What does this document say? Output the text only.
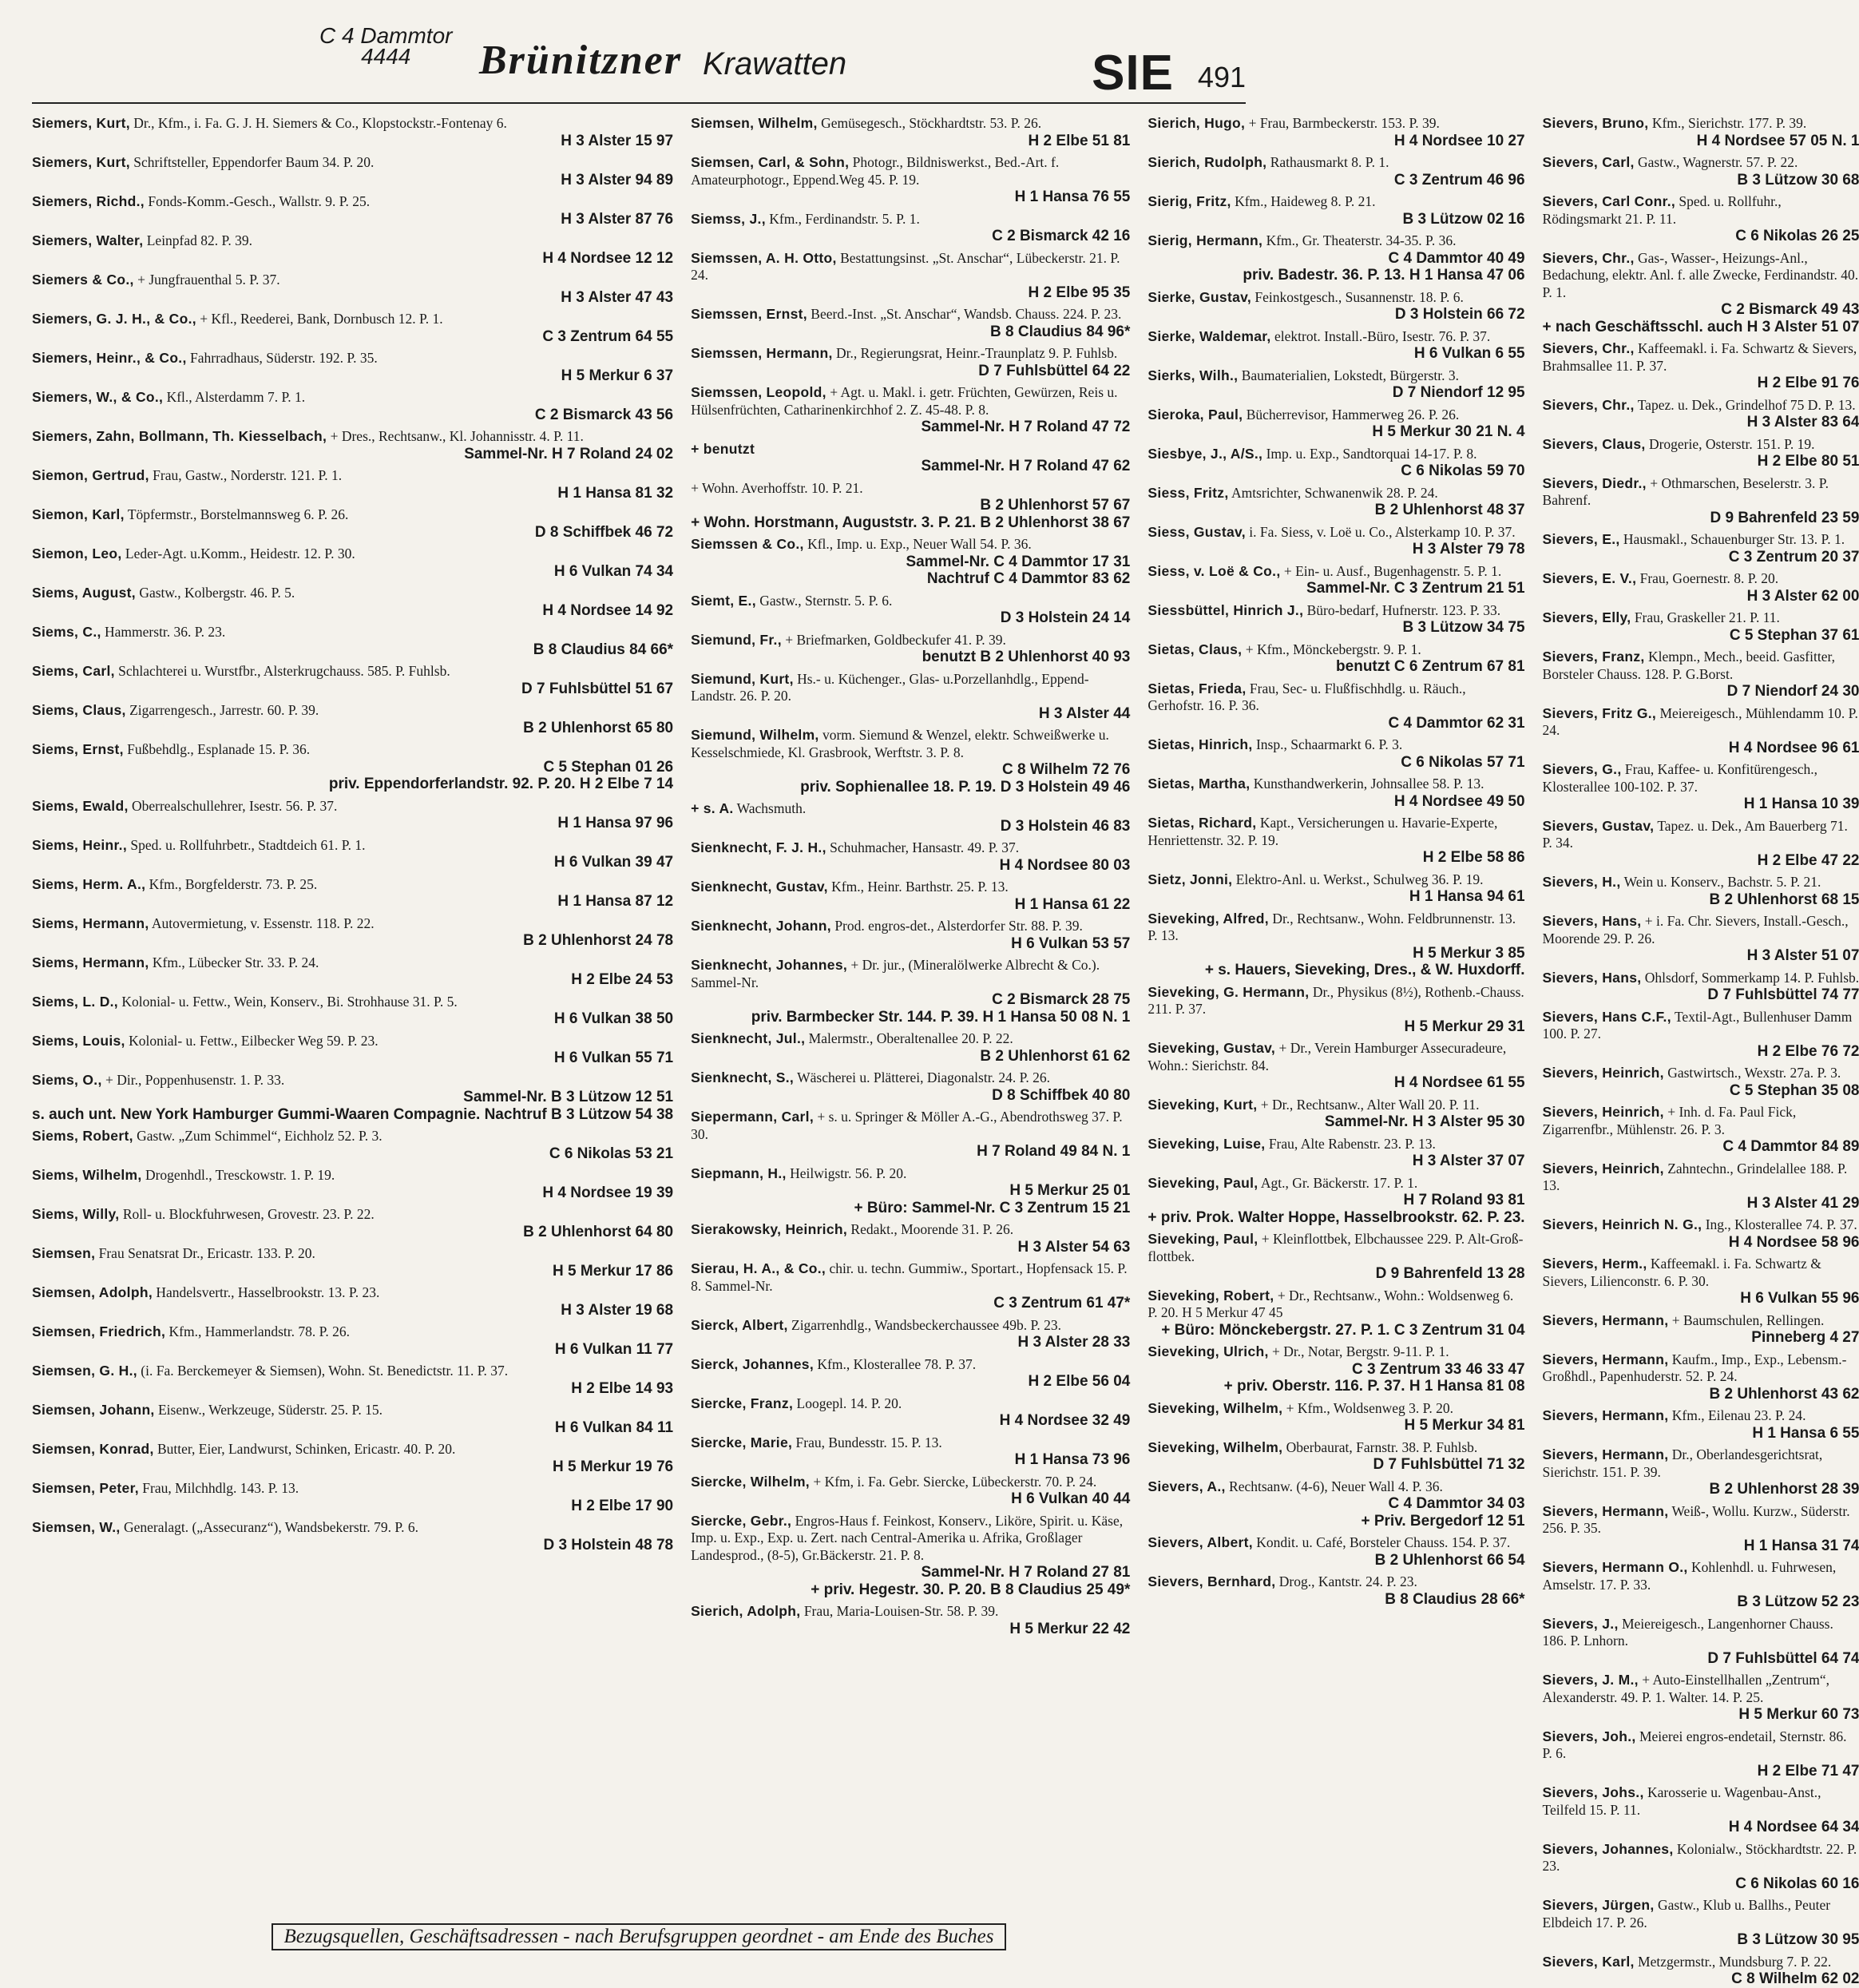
C 4 Dammtor
4444	Brünitzner Krawatten	SIE 491
Siemers, Kurt, Dr., Kfm., i. Fa. G. J. H. Siemers & Co., Klopstockstr.-Fontenay 6.
H 3 Alster 15 97
Siemers, Kurt, Schriftsteller, Eppendorfer Baum 34. P. 20.
H 3 Alster 94 89
Siemers, Richd., Fonds-Komm.-Gesch., Wallstr. 9. P. 25.
H 3 Alster 87 76
Siemers, Walter, Leinpfad 82. P. 39.
H 4 Nordsee 12 12
Siemers & Co., + Jungfrauenthal 5. P. 37.
H 3 Alster 47 43
Siemers, G. J. H., & Co., + Kfl., Reederei, Bank, Dornbusch 12. P. 1.
C 3 Zentrum 64 55
Siemers, Heinr., & Co., Fahrradhaus, Süderstr. 192. P. 35.
H 5 Merkur 6 37
Siemers, W., & Co., Kfl., Alsterdamm 7. P. 1.
C 2 Bismarck 43 56
Siemers, Zahn, Bollmann, Th. Kiesselbach, + Dres., Rechtsanw., Kl. Johannisstr. 4. P. 11.
Sammel-Nr. H 7 Roland 24 02
Siemon, Gertrud, Frau, Gastw., Norderstr. 121. P. 1.
H 1 Hansa 81 32
Siemon, Karl, Töpfermstr., Borstelmannsweg 6. P. 26.
D 8 Schiffbek 46 72
Siemon, Leo, Leder-Agt. u.Komm., Heidestr. 12. P. 30.
H 6 Vulkan 74 34
Siems, August, Gastw., Kolbergstr. 46. P. 5.
H 4 Nordsee 14 92
Siems, C., Hammerstr. 36. P. 23.
B 8 Claudius 84 66*
Siems, Carl, Schlachterei u. Wurstfbr., Alsterkrugchauss. 585. P. Fuhlsb.
D 7 Fuhlsbüttel 51 67
Siems, Claus, Zigarrengesch., Jarrestr. 60. P. 39.
B 2 Uhlenhorst 65 80
Siems, Ernst, Fußbehdlg., Esplanade 15. P. 36.
C 5 Stephan 01 26
priv. Eppendorferlandstr. 92. P. 20. H 2 Elbe 7 14
Siems, Ewald, Oberrealschullehrer, Isestr. 56. P. 37.
H 1 Hansa 97 96
Siems, Heinr., Sped. u. Rollfuhrbetr., Stadtdeich 61. P. 1.
H 6 Vulkan 39 47
Siems, Herm. A., Kfm., Borgfelderstr. 73. P. 25.
H 1 Hansa 87 12
Siems, Hermann, Autovermietung, v. Essenstr. 118. P. 22.
B 2 Uhlenhorst 24 78
Siems, Hermann, Kfm., Lübecker Str. 33. P. 24.
H 2 Elbe 24 53
Siems, L. D., Kolonial- u. Fettw., Wein, Konserv., Bi. Strohhause 31. P. 5.
H 6 Vulkan 38 50
Siems, Louis, Kolonial- u. Fettw., Eilbecker Weg 59. P. 23.
H 6 Vulkan 55 71
Siems, O., + Dir., Poppenhusenstr. 1. P. 33.
Sammel-Nr. B 3 Lützow 12 51
s. auch unt. New York Hamburger Gummi-Waaren Compagnie. Nachtruf B 3 Lützow 54 38
Siems, Robert, Gastw. „Zum Schimmel“, Eichholz 52. P. 3.
C 6 Nikolas 53 21
Siems, Wilhelm, Drogenhdl., Tresckowstr. 1. P. 19.
H 4 Nordsee 19 39
Siems, Willy, Roll- u. Blockfuhrwesen, Grovestr. 23. P. 22.
B 2 Uhlenhorst 64 80
Siemsen, Frau Senatsrat Dr., Ericastr. 133. P. 20.
H 5 Merkur 17 86
Siemsen, Adolph, Handelsvertr., Hasselbrookstr. 13. P. 23.
H 3 Alster 19 68
Siemsen, Friedrich, Kfm., Hammerlandstr. 78. P. 26.
H 6 Vulkan 11 77
Siemsen, G. H., (i. Fa. Berckemeyer & Siemsen), Wohn. St. Benedictstr. 11. P. 37.
H 2 Elbe 14 93
Siemsen, Johann, Eisenw., Werkzeuge, Süderstr. 25. P. 15.
H 6 Vulkan 84 11
Siemsen, Konrad, Butter, Eier, Landwurst, Schinken, Ericastr. 40. P. 20.
H 5 Merkur 19 76
Siemsen, Peter, Frau, Milchhdlg. 143. P. 13.
H 2 Elbe 17 90
Siemsen, W., Generalagt. („Assecuranz“), Wandsbekerstr. 79. P. 6.
D 3 Holstein 48 78
Siemsen, Wilhelm, Gemüsegesch., Stöckhardtstr. 53. P. 26.
H 2 Elbe 51 81
Siemsen, Carl, & Sohn, Photogr., Bildniswerkst., Bed.-Art. f. Amateurphotogr., Eppend.Weg 45. P. 19.
H 1 Hansa 76 55
Siemss, J., Kfm., Ferdinandstr. 5. P. 1.
C 2 Bismarck 42 16
Siemssen, A. H. Otto, Bestattungsinst. „St. Anschar“, Lübeckerstr. 21. P. 24.
H 2 Elbe 95 35
Siemssen, Ernst, Beerd.-Inst. „St. Anschar“, Wandsb. Chauss. 224. P. 23.
B 8 Claudius 84 96*
Siemssen, Hermann, Dr., Regierungsrat, Heinr.-Traunplatz 9. P. Fuhlsb.
D 7 Fuhlsbüttel 64 22
Siemssen, Leopold, + Agt. u. Makl. i. getr. Früchten, Gewürzen, Reis u. Hülsenfrüchten, Catharinenkirchhof 2. Z. 45-48. P. 8.
Sammel-Nr. H 7 Roland 47 72
+ benutzt
Sammel-Nr. H 7 Roland 47 62
+ Wohn. Averhoffstr. 10. P. 21.
B 2 Uhlenhorst 57 67
+ Wohn. Horstmann, Auguststr. 3. P. 21. B 2 Uhlenhorst 38 67
Siemssen & Co., Kfl., Imp. u. Exp., Neuer Wall 54. P. 36.
Sammel-Nr. C 4 Dammtor 17 31
Nachtruf C 4 Dammtor 83 62
Siemt, E., Gastw., Sternstr. 5. P. 6.
D 3 Holstein 24 14
Siemund, Fr., + Briefmarken, Goldbeckufer 41. P. 39.
benutzt B 2 Uhlenhorst 40 93
Siemund, Kurt, Hs.- u. Küchenger., Glas- u.Porzellanhdlg., Eppend-Landstr. 26. P. 20.
H 3 Alster 44
Siemund, Wilhelm, vorm. Siemund & Wenzel, elektr. Schweißwerke u. Kesselschmiede, Kl. Grasbrook, Werftstr. 3. P. 8.
C 8 Wilhelm 72 76
priv. Sophienallee 18. P. 19. D 3 Holstein 49 46
+ s. A. Wachsmuth.
D 3 Holstein 46 83
Sienknecht, F. J. H., Schuhmacher, Hansastr. 49. P. 37.
H 4 Nordsee 80 03
Sienknecht, Gustav, Kfm., Heinr. Barthstr. 25. P. 13.
H 1 Hansa 61 22
Sienknecht, Johann, Prod. engros-det., Alsterdorfer Str. 88. P. 39.
H 6 Vulkan 53 57
Sienknecht, Johannes, + Dr. jur., (Mineralölwerke Albrecht & Co.). Sammel-Nr.
C 2 Bismarck 28 75
priv. Barmbecker Str. 144. P. 39. H 1 Hansa 50 08 N. 1
Sienknecht, Jul., Malermstr., Oberaltenallee 20. P. 22.
B 2 Uhlenhorst 61 62
Sienknecht, S., Wäscherei u. Plätterei, Diagonalstr. 24. P. 26.
D 8 Schiffbek 40 80
Siepermann, Carl, + s. u. Springer & Möller A.-G., Abendrothsweg 37. P. 30.
H 7 Roland 49 84 N. 1
Siepmann, H., Heilwigstr. 56. P. 20.
H 5 Merkur 25 01
+ Büro: Sammel-Nr. C 3 Zentrum 15 21
Sierakowsky, Heinrich, Redakt., Moorende 31. P. 26.
H 3 Alster 54 63
Sierau, H. A., & Co., chir. u. techn. Gummiw., Sportart., Hopfensack 15. P. 8. Sammel-Nr.
C 3 Zentrum 61 47*
Sierck, Albert, Zigarrenhdlg., Wandsbeckerchaussee 49b. P. 23.
H 3 Alster 28 33
Sierck, Johannes, Kfm., Klosterallee 78. P. 37.
H 2 Elbe 56 04
Siercke, Franz, Loogepl. 14. P. 20.
H 4 Nordsee 32 49
Siercke, Marie, Frau, Bundesstr. 15. P. 13.
H 1 Hansa 73 96
Siercke, Wilhelm, + Kfm, i. Fa. Gebr. Siercke, Lübeckerstr. 70. P. 24.
H 6 Vulkan 40 44
Siercke, Gebr., Engros-Haus f. Feinkost, Konserv., Liköre, Spirit. u. Käse, Imp. u. Exp., Exp. u. Zert. nach Central-Amerika u. Afrika, Großlager Landesprod., (8-5), Gr.Bäckerstr. 21. P. 8.
Sammel-Nr. H 7 Roland 27 81
+ priv. Hegestr. 30. P. 20. B 8 Claudius 25 49*
Sierich, Adolph, Frau, Maria-Louisen-Str. 58. P. 39.
H 5 Merkur 22 42
Sierich, Hugo, + Frau, Barmbeckerstr. 153. P. 39.
H 4 Nordsee 10 27
Sierich, Rudolph, Rathausmarkt 8. P. 1.
C 3 Zentrum 46 96
Sierig, Fritz, Kfm., Haideweg 8. P. 21.
B 3 Lützow 02 16
Sierig, Hermann, Kfm., Gr. Theaterstr. 34-35. P. 36.
C 4 Dammtor 40 49
priv. Badestr. 36. P. 13. H 1 Hansa 47 06
Sierke, Gustav, Feinkostgesch., Susannenstr. 18. P. 6.
D 3 Holstein 66 72
Sierke, Waldemar, elektrot. Install.-Büro, Isestr. 76. P. 37.
H 6 Vulkan 6 55
Sierks, Wilh., Baumaterialien, Lokstedt, Bürgerstr. 3.
D 7 Niendorf 12 95
Sieroka, Paul, Bücherrevisor, Hammerweg 26. P. 26.
H 5 Merkur 30 21 N. 4
Siesbye, J., A/S., Imp. u. Exp., Sandtorquai 14-17. P. 8.
C 6 Nikolas 59 70
Siess, Fritz, Amtsrichter, Schwanenwik 28. P. 24.
B 2 Uhlenhorst 48 37
Siess, Gustav, i. Fa. Siess, v. Loë u. Co., Alsterkamp 10. P. 37.
H 3 Alster 79 78
Siess, v. Loë & Co., + Ein- u. Ausf., Bugenhagenstr. 5. P. 1.
Sammel-Nr. C 3 Zentrum 21 51
Siessbüttel, Hinrich J., Büro-bedarf, Hufnerstr. 123. P. 33.
B 3 Lützow 34 75
Sietas, Claus, + Kfm., Mönckebergstr. 9. P. 1.
benutzt C 6 Zentrum 67 81
Sietas, Frieda, Frau, Sec- u. Flußfischhdlg. u. Räuch., Gerhofstr. 16. P. 36.
C 4 Dammtor 62 31
Sietas, Hinrich, Insp., Schaarmarkt 6. P. 3.
C 6 Nikolas 57 71
Sietas, Martha, Kunsthandwerkerin, Johnsallee 58. P. 13.
H 4 Nordsee 49 50
Sietas, Richard, Kapt., Versicherungen u. Havarie-Experte, Henriettenstr. 32. P. 19.
H 2 Elbe 58 86
Sietz, Jonni, Elektro-Anl. u. Werkst., Schulweg 36. P. 19.
H 1 Hansa 94 61
Sieveking, Alfred, Dr., Rechtsanw., Wohn. Feldbrunnenstr. 13. P. 13.
H 5 Merkur 3 85
+ s. Hauers, Sieveking, Dres., & W. Huxdorff.
Sieveking, G. Hermann, Dr., Physikus (8½), Rothenb.-Chauss. 211. P. 37.
H 5 Merkur 29 31
Sieveking, Gustav, + Dr., Verein Hamburger Assecuradeure, Wohn.: Sierichstr. 84.
H 4 Nordsee 61 55
Sieveking, Kurt, + Dr., Rechtsanw., Alter Wall 20. P. 11.
Sammel-Nr. H 3 Alster 95 30
Sieveking, Luise, Frau, Alte Rabenstr. 23. P. 13.
H 3 Alster 37 07
Sieveking, Paul, Agt., Gr. Bäckerstr. 17. P. 1.
H 7 Roland 93 81
+ priv. Prok. Walter Hoppe, Hasselbrookstr. 62. P. 23.
Sieveking, Paul, + Kleinflottbek, Elbchaussee 229. P. Alt-Groß-flottbek.
D 9 Bahrenfeld 13 28
Sieveking, Robert, + Dr., Rechtsanw., Wohn.: Woldsenweg 6. P. 20. H 5 Merkur 47 45
+ Büro: Mönckebergstr. 27. P. 1. C 3 Zentrum 31 04
Sieveking, Ulrich, + Dr., Notar, Bergstr. 9-11. P. 1.
C 3 Zentrum 33 46 33 47
+ priv. Oberstr. 116. P. 37. H 1 Hansa 81 08
Sieveking, Wilhelm, + Kfm., Woldsenweg 3. P. 20.
H 5 Merkur 34 81
Sieveking, Wilhelm, Oberbaurat, Farnstr. 38. P. Fuhlsb.
D 7 Fuhlsbüttel 71 32
Sievers, A., Rechtsanw. (4-6), Neuer Wall 4. P. 36.
C 4 Dammtor 34 03
+ Priv. Bergedorf 12 51
Sievers, Albert, Kondit. u. Café, Borsteler Chauss. 154. P. 37.
B 2 Uhlenhorst 66 54
Sievers, Bernhard, Drog., Kantstr. 24. P. 23.
B 8 Claudius 28 66*
Sievers, Bruno, Kfm., Sierichstr. 177. P. 39.
H 4 Nordsee 57 05 N. 1
Sievers, Carl, Gastw., Wagnerstr. 57. P. 22.
B 3 Lützow 30 68
Sievers, Carl Conr., Sped. u. Rollfuhr., Rödingsmarkt 21. P. 11.
C 6 Nikolas 26 25
Sievers, Chr., Gas-, Wasser-, Heizungs-Anl., Bedachung, elektr. Anl. f. alle Zwecke, Ferdinandstr. 40. P. 1.
C 2 Bismarck 49 43
+ nach Geschäftsschl. auch H 3 Alster 51 07
Sievers, Chr., Kaffeemakl. i. Fa. Schwartz & Sievers, Brahmsallee 11. P. 37.
H 2 Elbe 91 76
Sievers, Chr., Tapez. u. Dek., Grindelhof 75 D. P. 13.
H 3 Alster 83 64
Sievers, Claus, Drogerie, Osterstr. 151. P. 19.
H 2 Elbe 80 51
Sievers, Diedr., + Othmarschen, Beselerstr. 3. P. Bahrenf.
D 9 Bahrenfeld 23 59
Sievers, E., Hausmakl., Schauenburger Str. 13. P. 1.
C 3 Zentrum 20 37
Sievers, E. V., Frau, Goernestr. 8. P. 20.
H 3 Alster 62 00
Sievers, Elly, Frau, Graskeller 21. P. 11.
C 5 Stephan 37 61
Sievers, Franz, Klempn., Mech., beeid. Gasfitter, Borsteler Chauss. 128. P. G.Borst.
D 7 Niendorf 24 30
Sievers, Fritz G., Meiereigesch., Mühlendamm 10. P. 24.
H 4 Nordsee 96 61
Sievers, G., Frau, Kaffee- u. Konfitürengesch., Klosterallee 100-102. P. 37.
H 1 Hansa 10 39
Sievers, Gustav, Tapez. u. Dek., Am Bauerberg 71. P. 34.
H 2 Elbe 47 22
Sievers, H., Wein u. Konserv., Bachstr. 5. P. 21.
B 2 Uhlenhorst 68 15
Sievers, Hans, + i. Fa. Chr. Sievers, Install.-Gesch., Moorende 29. P. 26.
H 3 Alster 51 07
Sievers, Hans, Ohlsdorf, Sommerkamp 14. P. Fuhlsb.
D 7 Fuhlsbüttel 74 77
Sievers, Hans C.F., Textil-Agt., Bullenhuser Damm 100. P. 27.
H 2 Elbe 76 72
Sievers, Heinrich, Gastwirtsch., Wexstr. 27a. P. 3.
C 5 Stephan 35 08
Sievers, Heinrich, + Inh. d. Fa. Paul Fick, Zigarrenfbr., Mühlenstr. 26. P. 3.
C 4 Dammtor 84 89
Sievers, Heinrich, Zahntechn., Grindelallee 188. P. 13.
H 3 Alster 41 29
Sievers, Heinrich N. G., Ing., Klosterallee 74. P. 37.
H 4 Nordsee 58 96
Sievers, Herm., Kaffeemakl. i. Fa. Schwartz & Sievers, Lilienconstr. 6. P. 30.
H 6 Vulkan 55 96
Sievers, Hermann, + Baumschulen, Rellingen.
Pinneberg 4 27
Sievers, Hermann, Kaufm., Imp., Exp., Lebensm.-Großhdl., Papenhuderstr. 52. P. 24.
B 2 Uhlenhorst 43 62
Sievers, Hermann, Kfm., Eilenau 23. P. 24.
H 1 Hansa 6 55
Sievers, Hermann, Dr., Oberlandesgerichtsrat, Sierichstr. 151. P. 39.
B 2 Uhlenhorst 28 39
Sievers, Hermann, Weiß-, Wollu. Kurzw., Süderstr. 256. P. 35.
H 1 Hansa 31 74
Sievers, Hermann O., Kohlenhdl. u. Fuhrwesen, Amselstr. 17. P. 33.
B 3 Lützow 52 23
Sievers, J., Meiereigesch., Langenhorner Chauss. 186. P. Lnhorn.
D 7 Fuhlsbüttel 64 74
Sievers, J. M., + Auto-Einstellhallen „Zentrum“, Alexanderstr. 49. P. 1. Walter. 14. P. 25.
H 5 Merkur 60 73
Sievers, Joh., Meierei engros-endetail, Sternstr. 86. P. 6.
H 2 Elbe 71 47
Sievers, Johs., Karosserie u. Wagenbau-Anst., Teilfeld 15. P. 11.
H 4 Nordsee 64 34
Sievers, Johannes, Kolonialw., Stöckhardtstr. 22. P. 23.
C 6 Nikolas 60 16
Sievers, Jürgen, Gastw., Klub u. Ballhs., Peuter Elbdeich 17. P. 26.
B 3 Lützow 30 95
Sievers, Karl, Metzgermstr., Mundsburg 7. P. 22.
C 8 Wilhelm 62 02
Bezugsquellen, Geschäftsadressen - nach Berufsgruppen geordnet - am Ende des Buches
